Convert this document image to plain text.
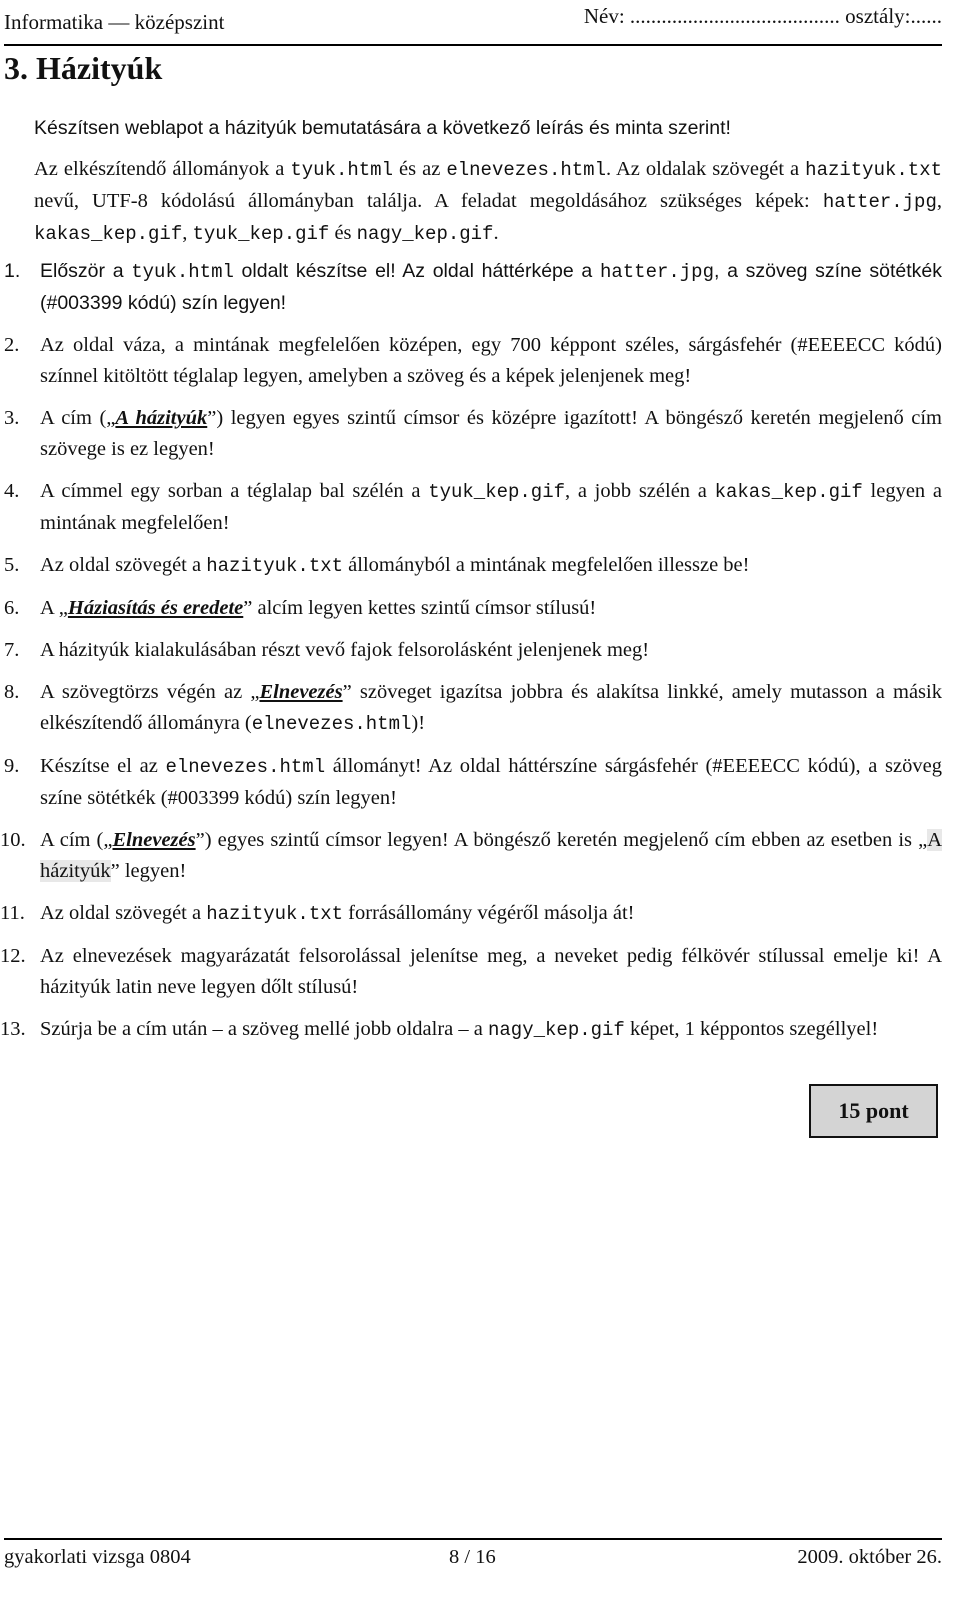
Informatika — középszint	Név: ........................................ osztály:......
3. Házityúk

Készítsen weblapot a házityúk bemutatására a következő leírás és minta szerint!

Az elkészítendő állományok a tyuk.html és az elnevezes.html. Az oldalak szövegét a hazityuk.txt nevű, UTF-8 kódolású állományban találja. A feladat megoldásához szükséges képek: hatter.jpg, kakas_kep.gif, tyuk_kep.gif és nagy_kep.gif.

1. Először a tyuk.html oldalt készítse el! Az oldal háttérképe a hatter.jpg, a szöveg színe sötétkék (#003399 kódú) szín legyen!
2. Az oldal váza, a mintának megfelelően középen, egy 700 képpont széles, sárgásfehér (#EEEECC kódú) színnel kitöltött téglalap legyen, amelyben a szöveg és a képek jelenjenek meg!
3. A cím („A házityúk”) legyen egyes szintű címsor és középre igazított! A böngésző keretén megjelenő cím szövege is ez legyen!
4. A címmel egy sorban a téglalap bal szélén a tyuk_kep.gif, a jobb szélén a kakas_kep.gif legyen a mintának megfelelően!
5. Az oldal szövegét a hazityuk.txt állományból a mintának megfelelően illessze be!
6. A „Háziasítás és eredete” alcím legyen kettes szintű címsor stílusú!
7. A házityúk kialakulásában részt vevő fajok felsorolásként jelenjenek meg!
8. A szövegtörzs végén az „Elnevezés” szöveget igazítsa jobbra és alakítsa linkké, amely mutasson a másik elkészítendő állományra (elnevezes.html)!
9. Készítse el az elnevezes.html állományt! Az oldal háttérszíne sárgásfehér (#EEEECC kódú), a szöveg színe sötétkék (#003399 kódú) szín legyen!
10. A cím („Elnevezés”) egyes szintű címsor legyen! A böngésző keretén megjelenő cím ebben az esetben is „A házityúk” legyen!
11. Az oldal szövegét a hazityuk.txt forrásállomány végéről másolja át!
12. Az elnevezések magyarázatát felsorolással jelenítse meg, a neveket pedig félkövér stílussal emelje ki! A házityúk latin neve legyen dőlt stílusú!
13. Szúrja be a cím után – a szöveg mellé jobb oldalra – a nagy_kep.gif képet, 1 képpontos szegéllyel!
15 pont
gyakorlati vizsga 0804	8 / 16	2009. október 26.
